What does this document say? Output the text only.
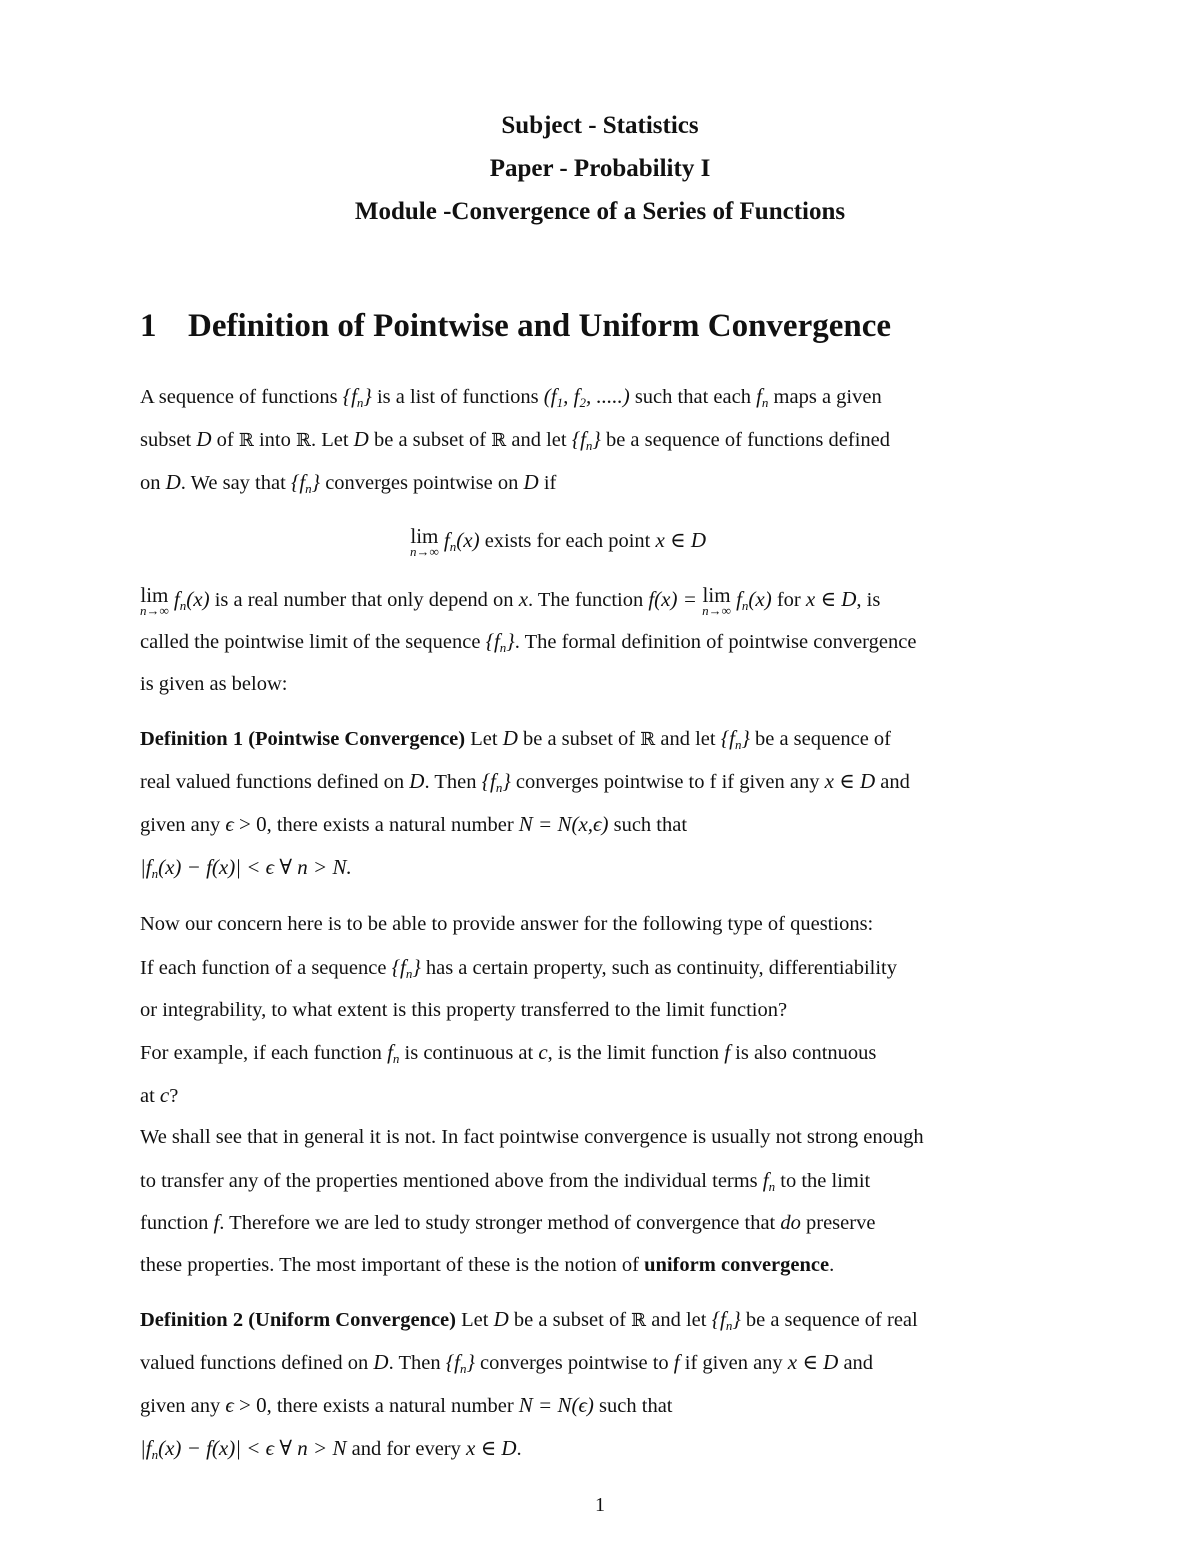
Subject - Statistics
Paper - Probability I
Module -Convergence of a Series of Functions
1 Definition of Pointwise and Uniform Convergence
A sequence of functions $\{f_n\}$ is a list of functions ($f_1$, $f_2$, .....) such that each $f_n$ maps a given
subset D of ℝ into ℝ. Let D be a subset of ℝ and let $\{f_n\}$ be a sequence of functions defined
on D. We say that $\{f_n\}$ converges pointwise on D if
lim
n→∞ $f_n(x)$ exists for each point x ∈ D
lim
n→∞ $f_n(x)$ is a real number that only depend on x. The function f(x) = lim
n→∞ $f_n(x)$ for x ∈ D, is
called the pointwise limit of the sequence $\{f_n\}$. The formal definition of pointwise convergence
is given as below:
Definition 1 (Pointwise Convergence) Let D be a subset of ℝ and let $\{f_n\}$ be a sequence of
real valued functions defined on D. Then $\{f_n\}$ converges pointwise to f if given any x ∈ D and
given any ϵ > 0, there exists a natural number N = N(x,ϵ) such that
$|f_n(x) - f(x)| < \epsilon$ ∀ n > N.
Now our concern here is to be able to provide answer for the following type of questions:
If each function of a sequence $\{f_n\}$ has a certain property, such as continuity, differentiability
or integrability, to what extent is this property transferred to the limit function?
For example, if each function $f_n$ is continuous at c, is the limit function f is also contnuous
at c?
We shall see that in general it is not. In fact pointwise convergence is usually not strong enough
to transfer any of the properties mentioned above from the individual terms $f_n$ to the limit
function f. Therefore we are led to study stronger method of convergence that do preserve
these properties. The most important of these is the notion of uniform convergence.
Definition 2 (Uniform Convergence) Let D be a subset of ℝ and let $\{f_n\}$ be a sequence of real
valued functions defined on D. Then $\{f_n\}$ converges pointwise to f if given any x ∈ D and
given any ϵ > 0, there exists a natural number N = N(ϵ) such that
$|f_n(x) - f(x)| < \epsilon$ ∀ n > N and for every x ∈ D.
1
